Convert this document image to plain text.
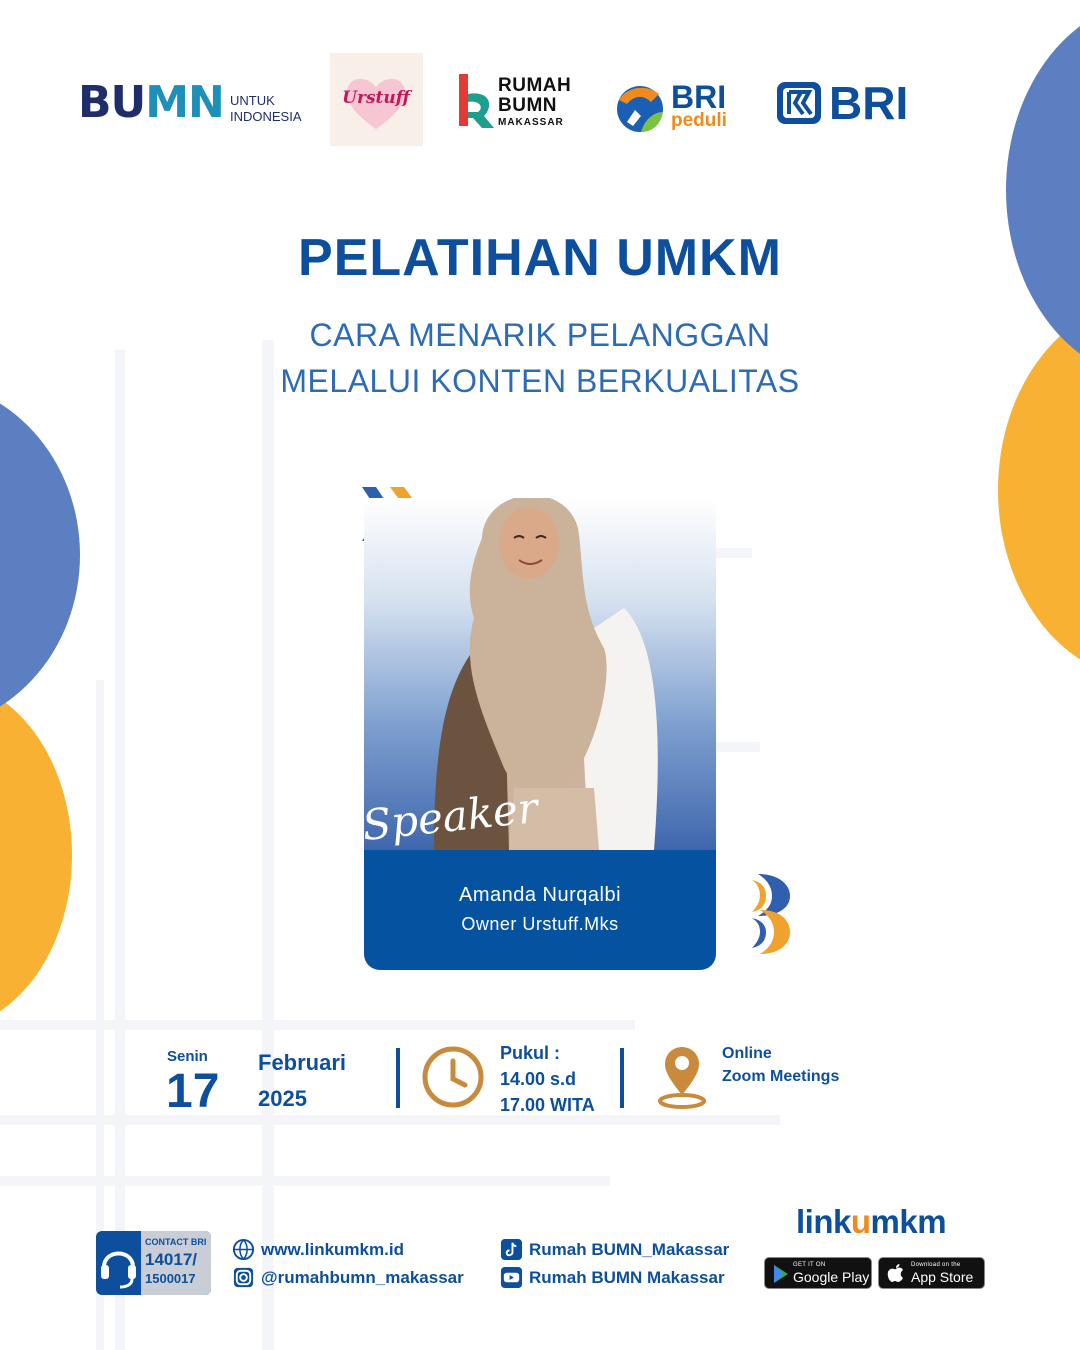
BUMN UNTUK
INDONESIA
Urstuff
RUMAH
BUMN
MAKASSAR
BRI
peduli BRI
PELATIHAN UMKM
CARA MENARIK PELANGGAN
MELALUI KONTEN BERKUALITAS
Speaker
Amanda Nurqalbi
Owner Urstuff.Mks
Senin
17
Februari
2025
Pukul :
14.00 s.d
17.00 WITA
Online
Zoom Meetings
CONTACT BRI
14017/
1500017
www.linkumkm.id
@rumahbumn_makassar
Rumah BUMN_Makassar
Rumah BUMN Makassar
linkumkm
GET IT ON
Google Play
Download on the
App Store
